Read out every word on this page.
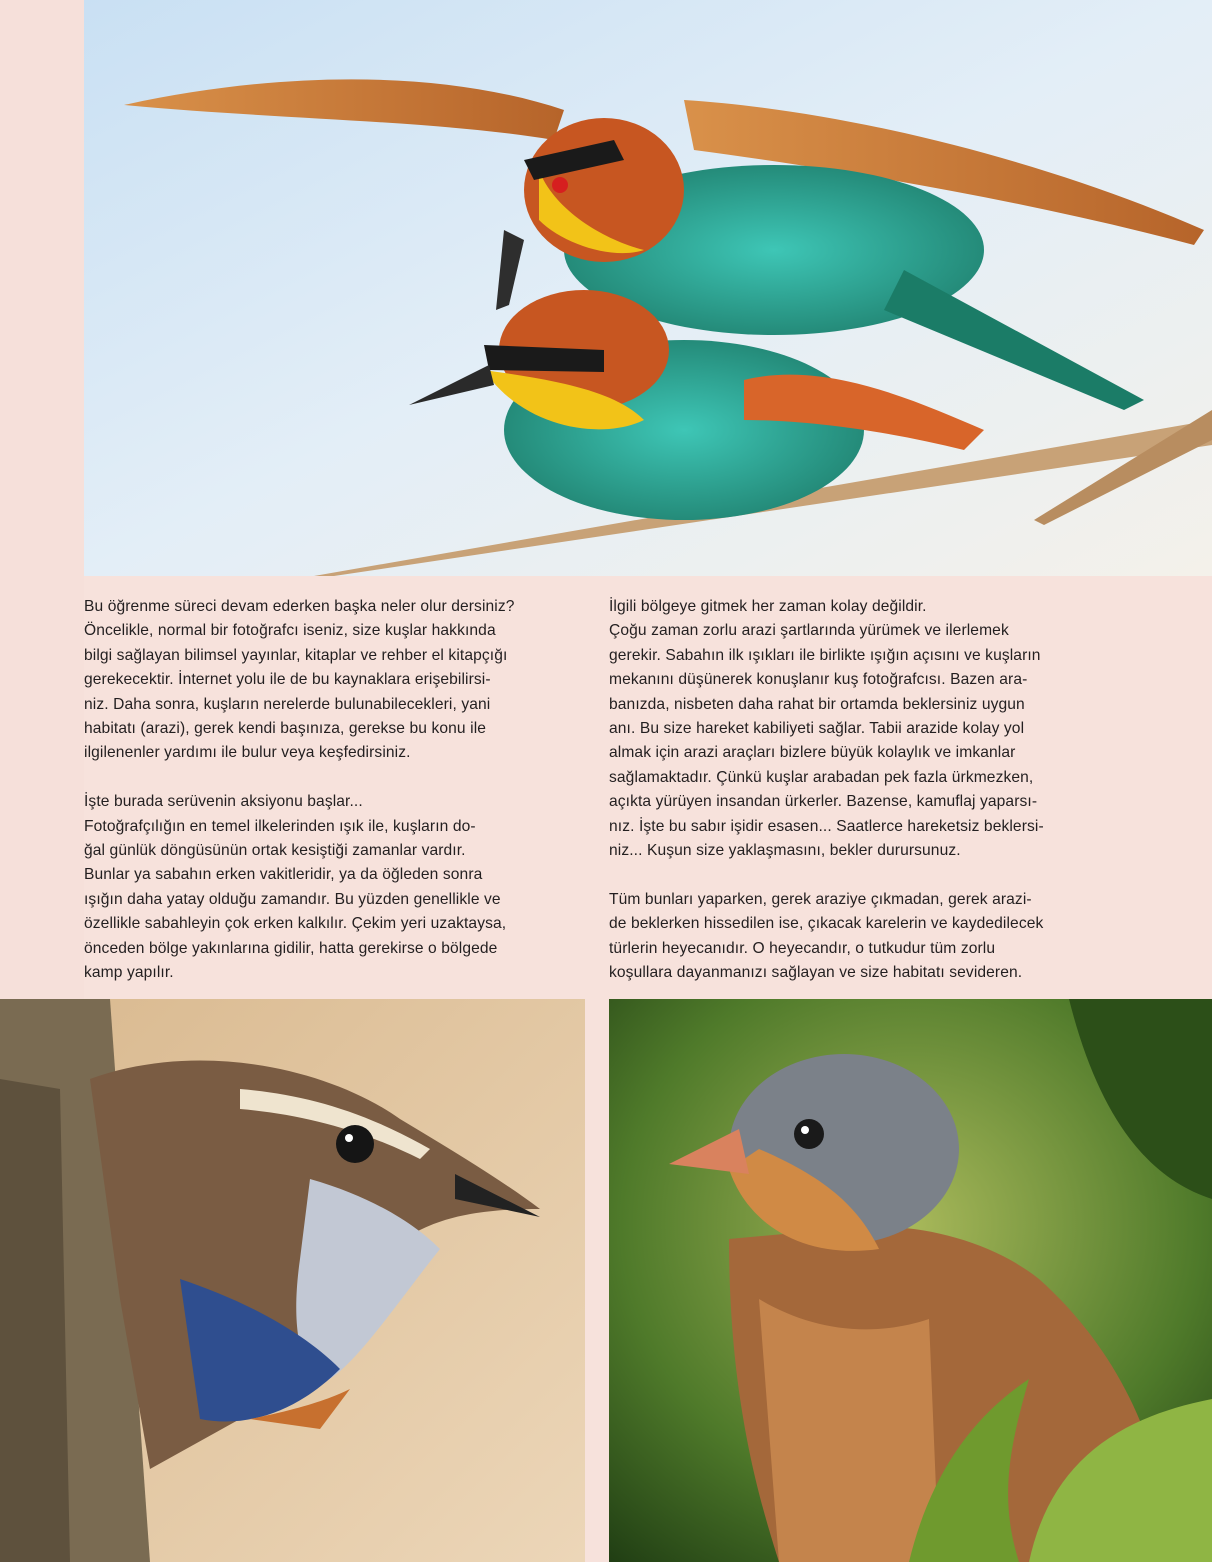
Bu öğrenme süreci devam ederken başka neler olur dersiniz?
Öncelikle, normal bir fotoğrafcı iseniz, size kuşlar hakkında
bilgi sağlayan bilimsel yayınlar, kitaplar ve rehber el kitapçığı
gerekecektir. İnternet yolu ile de bu kaynaklara erişebilirsi-
niz. Daha sonra, kuşların nerelerde bulunabilecekleri, yani
habitatı (arazi), gerek kendi başınıza, gerekse bu konu ile
ilgilenenler yardımı ile bulur veya keşfedirsiniz.

İşte burada serüvenin aksiyonu başlar...
Fotoğrafçılığın en temel ilkelerinden ışık ile, kuşların do-
ğal günlük döngüsünün ortak kesiştiği zamanlar vardır.
Bunlar ya sabahın erken vakitleridir, ya da öğleden sonra
ışığın daha yatay olduğu zamandır. Bu yüzden genellikle ve
özellikle sabahleyin çok erken kalkılır. Çekim yeri uzaktaysa,
önceden bölge yakınlarına gidilir, hatta gerekirse o bölgede
kamp yapılır.

İlgili bölgeye gitmek her zaman kolay değildir.
Çoğu zaman zorlu arazi şartlarında yürümek ve ilerlemek
gerekir. Sabahın ilk ışıkları ile birlikte ışığın açısını ve kuşların
mekanını düşünerek konuşlanır kuş fotoğrafcısı. Bazen ara-
banızda, nisbeten daha rahat bir ortamda beklersiniz uygun
anı. Bu size hareket kabiliyeti sağlar. Tabii arazide kolay yol
almak için arazi araçları bizlere büyük kolaylık ve imkanlar
sağlamaktadır. Çünkü kuşlar arabadan pek fazla ürkmezken,
açıkta yürüyen insandan ürkerler. Bazense, kamuflaj yaparsı-
nız. İşte bu sabır işidir esasen... Saatlerce hareketsiz beklersi-
niz... Kuşun size yaklaşmasını, bekler durursunuz.

Tüm bunları yaparken, gerek araziye çıkmadan, gerek arazi-
de beklerken hissedilen ise, çıkacak karelerin ve kaydedilecek
türlerin heyecanıdır. O heyecandır, o tutkudur tüm zorlu
koşullara dayanmanızı sağlayan ve size habitatı sevideren.
